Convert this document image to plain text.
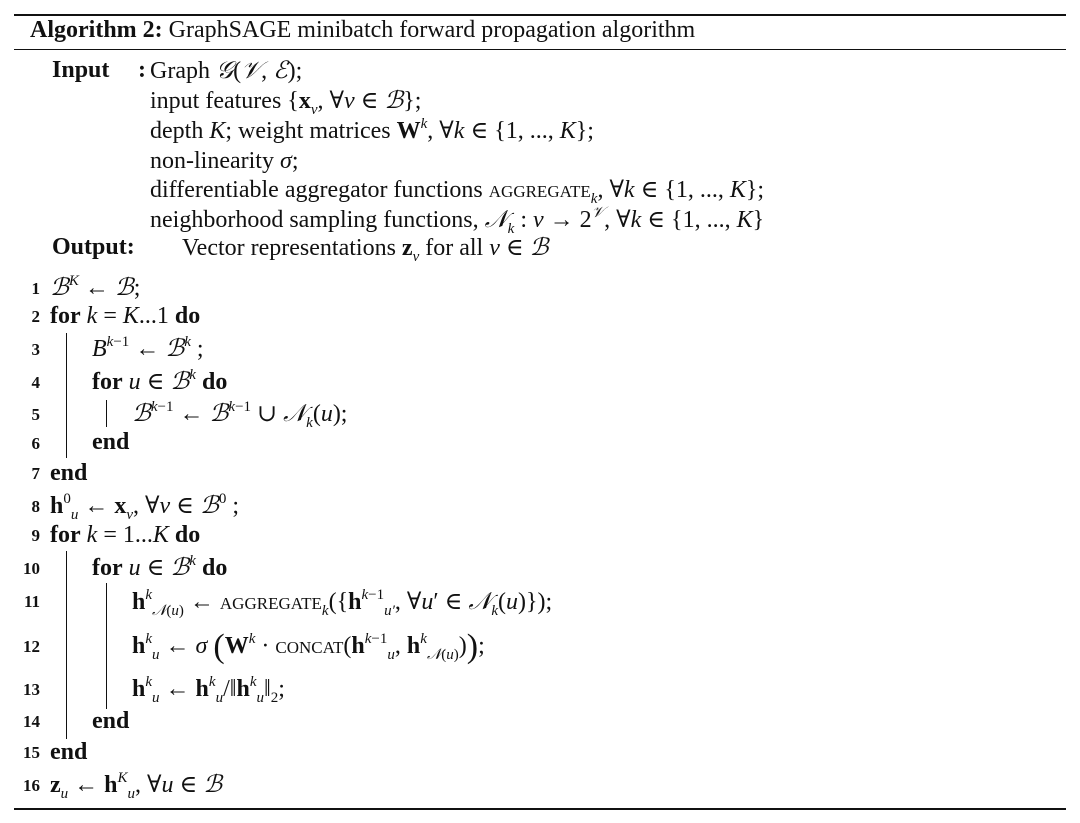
Algorithm 2: GraphSAGE minibatch forward propagation algorithm
Input : Graph 𝒢(𝒱, ℰ);
input features {$x_v$, ∀v ∈ ℬ};
depth K; weight matrices $W^k$, ∀k ∈ {1, ..., K};
non-linearity σ;
differentiable aggregator functions aggregate$_k$, ∀k ∈ {1, ..., K};
neighborhood sampling functions, 𝒩$_k$ : $v \to 2^𝒱$, ∀k ∈ {1, ..., K}
Output: Vector representations $z_v$ for all v ∈ ℬ
1
2
3
4
5
6
7
8
9
10
11
12
13
14
15
16
ℬ$^K$ ← ℬ;
for k = K...1 do
$B^{k-1}$ ← ℬ$^k$ ;
for u ∈ ℬ$^k$ do
ℬ$^{k-1}$ ← ℬ$^{k-1}$ ∪ 𝒩$_k$(u);
end
end
$h^0_u$ ← $x_v$, ∀v ∈ ℬ$^0$ ;
for k = 1...K do
for u ∈ ℬ$^k$ do
$h^k_{𝒩(u)}$ ← $aggregate_k(\{h^{k-1}_{u'}$, ∀u′ ∈ 𝒩$_k$(u)});
$h^k_u$ ← σ ($W^k$ · $concat(h^{k-1}_u$, $h^k_{𝒩(u)}$));
$h^k_u$ ← $h^k_u/‖h^k_u‖_2$;
end
end
$z_u$ ← $h^K_u$, ∀u ∈ ℬ
